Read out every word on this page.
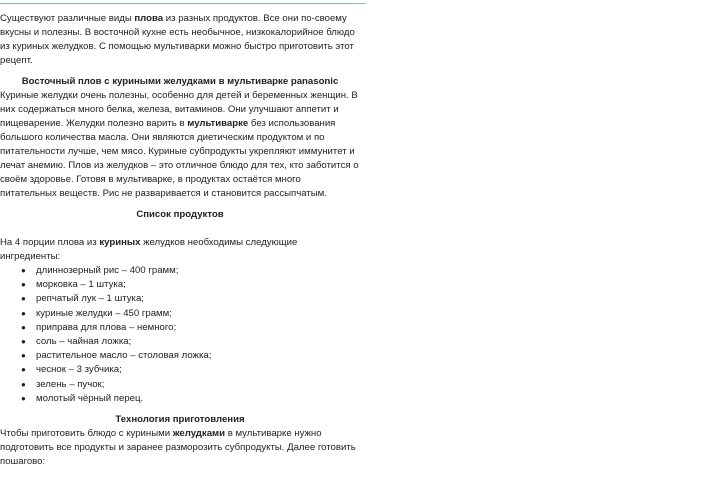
Существуют различные виды плова из разных продуктов. Все они по-своему вкусны и полезны. В восточной кухне есть необычное, низкокалорийное блюдо из куриных желудков. С помощью мультиварки можно быстро приготовить этот рецепт.

Восточный плов с куриными желудками в мультиварке panasonic

Куриные желудки очень полезны, особенно для детей и беременных женщин. В них содержаться много белка, железа, витаминов. Они улучшают аппетит и пищеварение. Желудки полезно варить в мультиварке без использования большого количества масла. Они являются диетическим продуктом и по питательности лучше, чем мясо. Куриные субпродукты укрепляют иммунитет и лечат анемию. Плов из желудков – это отличное блюдо для тех, кто заботится о своём здоровье. Готовя в мультиварке, в продуктах остаётся много питательных веществ. Рис не разваривается и становится рассыпчатым.

Список продуктов

На 4 порции плова из куриных желудков необходимы следующие ингредиенты:

● длиннозерный рис – 400 грамм;
● морковка – 1 штука;
● репчатый лук – 1 штука;
● куриные желудки – 450 грамм;
● приправа для плова – немного;
● соль – чайная ложка;
● растительное масло – столовая ложка;
● чеснок – 3 зубчика;
● зелень – пучок;
● молотый чёрный перец.
Технология приготовления

Чтобы приготовить блюдо с куриными желудками в мультиварке нужно подготовить все продукты и заранее разморозить субпродукты. Далее готовить пошагово:
